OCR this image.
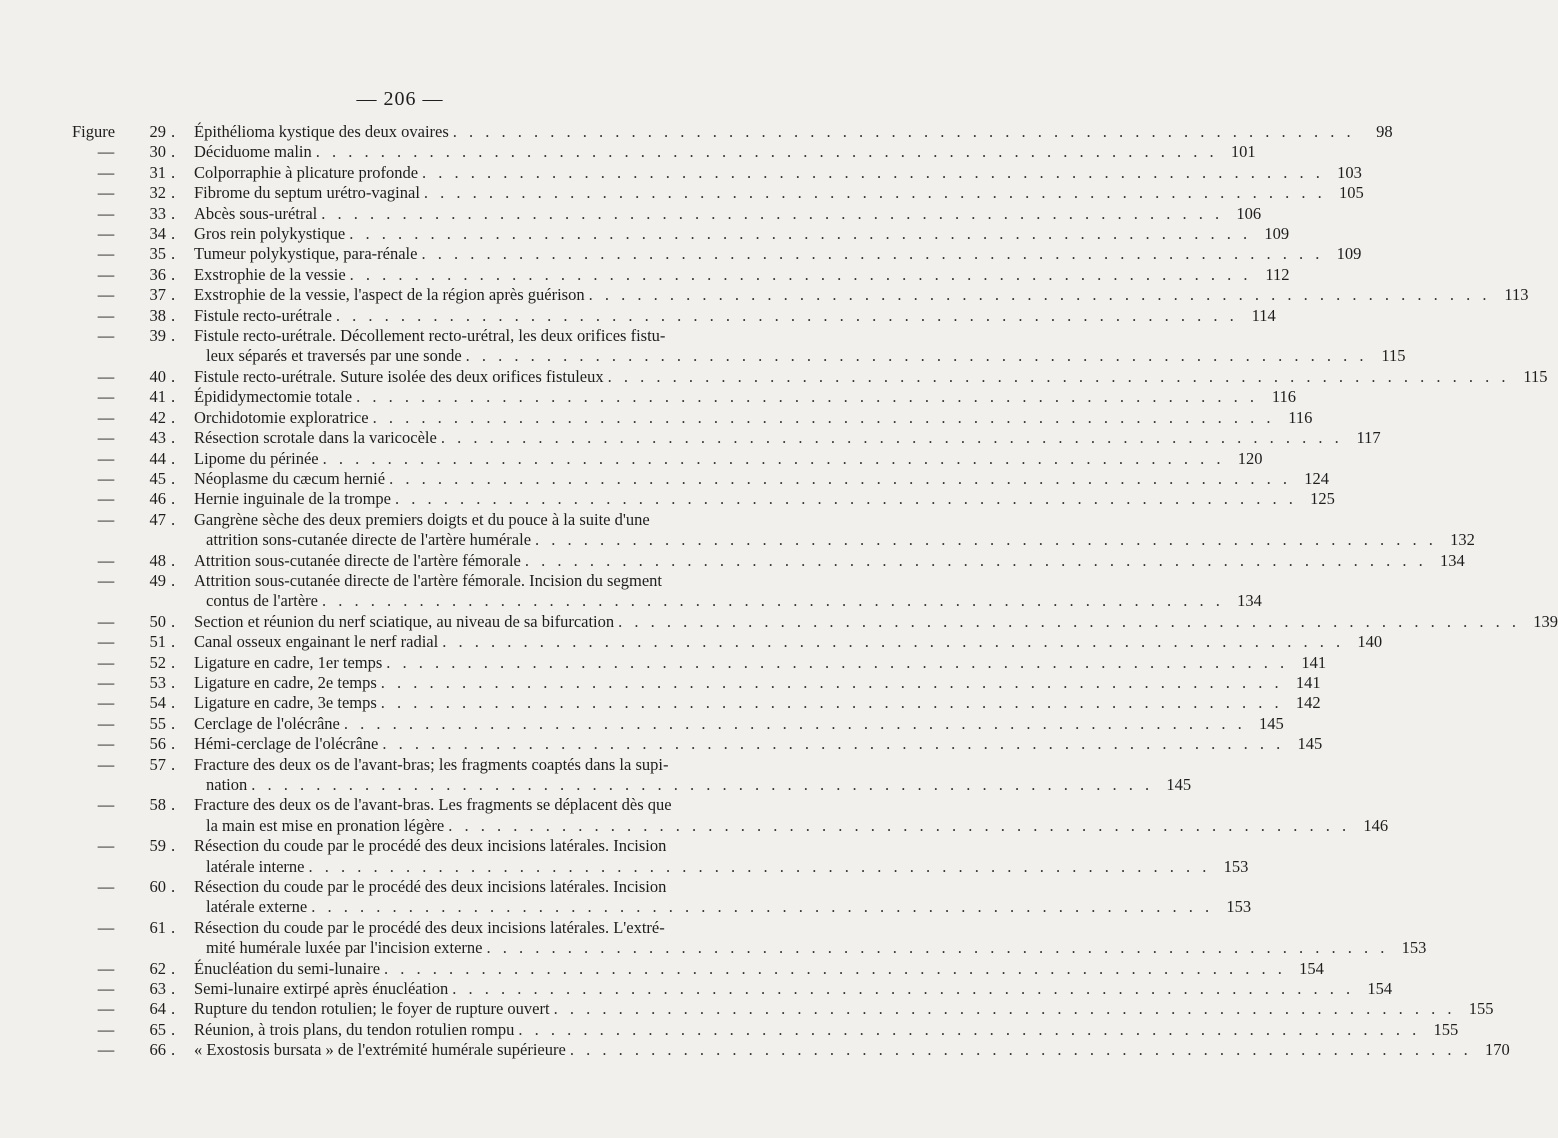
— 206 —
Figure 29 . Épithélioma kystique des deux ovaires . . . . . . . . . . . . . . . . . . . . . . . . . . . . . . . . . . . . . . . . . . . . . . . . . . . . . . . .	98
— 30 . Déciduome malin . . . . . . . . . . . . . . . . . . . . . . . . . . . . . . . . . . . . . . . . . . . . . . . . . . . . . . . . 101
— 31 . Colporraphie à plicature profonde . . . . . . . . . . . . . . . . . . . . . . . . . . . . . . . . . . . . . . . . . . . . . . . . . . . . . . . . 103
— 32 . Fibrome du septum urétro-vaginal . . . . . . . . . . . . . . . . . . . . . . . . . . . . . . . . . . . . . . . . . . . . . . . . . . . . . . . . 105
— 33 . Abcès sous-urétral . . . . . . . . . . . . . . . . . . . . . . . . . . . . . . . . . . . . . . . . . . . . . . . . . . . . . . . . 106
— 34 . Gros rein polykystique . . . . . . . . . . . . . . . . . . . . . . . . . . . . . . . . . . . . . . . . . . . . . . . . . . . . . . . . 109
— 35 . Tumeur polykystique, para-rénale . . . . . . . . . . . . . . . . . . . . . . . . . . . . . . . . . . . . . . . . . . . . . . . . . . . . . . . . 109
— 36 . Exstrophie de la vessie . . . . . . . . . . . . . . . . . . . . . . . . . . . . . . . . . . . . . . . . . . . . . . . . . . . . . . . . 112
— 37 . Exstrophie de la vessie, l'aspect de la région après guérison . . . . . . . . . . . . . . . . . . . . . . . . . . . . . . . . . . . . . . . . . . . . . . . . . . . . . . . . 113
— 38 . Fistule recto-urétrale . . . . . . . . . . . . . . . . . . . . . . . . . . . . . . . . . . . . . . . . . . . . . . . . . . . . . . . . 114
— 39 . Fistule recto-urétrale. Décollement recto-urétral, les deux orifices fistu-
leux séparés et traversés par une sonde . . . . . . . . . . . . . . . . . . . . . . . . . . . . . . . . . . . . . . . . . . . . . . . . . . . . . . . . 115
— 40 . Fistule recto-urétrale. Suture isolée des deux orifices fistuleux . . . . . . . . . . . . . . . . . . . . . . . . . . . . . . . . . . . . . . . . . . . . . . . . . . . . . . . . 115
— 41 . Épididymectomie totale . . . . . . . . . . . . . . . . . . . . . . . . . . . . . . . . . . . . . . . . . . . . . . . . . . . . . . . . 116
— 42 . Orchidotomie exploratrice . . . . . . . . . . . . . . . . . . . . . . . . . . . . . . . . . . . . . . . . . . . . . . . . . . . . . . . . 116
— 43 . Résection scrotale dans la varicocèle . . . . . . . . . . . . . . . . . . . . . . . . . . . . . . . . . . . . . . . . . . . . . . . . . . . . . . . . 117
— 44 . Lipome du périnée . . . . . . . . . . . . . . . . . . . . . . . . . . . . . . . . . . . . . . . . . . . . . . . . . . . . . . . . 120
— 45 . Néoplasme du cæcum hernié . . . . . . . . . . . . . . . . . . . . . . . . . . . . . . . . . . . . . . . . . . . . . . . . . . . . . . . . 124
— 46 . Hernie inguinale de la trompe . . . . . . . . . . . . . . . . . . . . . . . . . . . . . . . . . . . . . . . . . . . . . . . . . . . . . . . . 125
— 47 . Gangrène sèche des deux premiers doigts et du pouce à la suite d'une
attrition sons-cutanée directe de l'artère humérale . . . . . . . . . . . . . . . . . . . . . . . . . . . . . . . . . . . . . . . . . . . . . . . . . . . . . . . . 132
— 48 . Attrition sous-cutanée directe de l'artère fémorale . . . . . . . . . . . . . . . . . . . . . . . . . . . . . . . . . . . . . . . . . . . . . . . . . . . . . . . . 134
— 49 . Attrition sous-cutanée directe de l'artère fémorale. Incision du segment
contus de l'artère . . . . . . . . . . . . . . . . . . . . . . . . . . . . . . . . . . . . . . . . . . . . . . . . . . . . . . . . 134
— 50 . Section et réunion du nerf sciatique, au niveau de sa bifurcation . . . . . . . . . . . . . . . . . . . . . . . . . . . . . . . . . . . . . . . . . . . . . . . . . . . . . . . . 139
— 51 . Canal osseux engainant le nerf radial . . . . . . . . . . . . . . . . . . . . . . . . . . . . . . . . . . . . . . . . . . . . . . . . . . . . . . . . 140
— 52 . Ligature en cadre, 1er temps . . . . . . . . . . . . . . . . . . . . . . . . . . . . . . . . . . . . . . . . . . . . . . . . . . . . . . . . 141
— 53 . Ligature en cadre, 2e temps . . . . . . . . . . . . . . . . . . . . . . . . . . . . . . . . . . . . . . . . . . . . . . . . . . . . . . . . 141
— 54 . Ligature en cadre, 3e temps . . . . . . . . . . . . . . . . . . . . . . . . . . . . . . . . . . . . . . . . . . . . . . . . . . . . . . . . 142
— 55 . Cerclage de l'olécrâne . . . . . . . . . . . . . . . . . . . . . . . . . . . . . . . . . . . . . . . . . . . . . . . . . . . . . . . . 145
— 56 . Hémi-cerclage de l'olécrâne . . . . . . . . . . . . . . . . . . . . . . . . . . . . . . . . . . . . . . . . . . . . . . . . . . . . . . . . 145
— 57 . Fracture des deux os de l'avant-bras; les fragments coaptés dans la supi-
nation . . . . . . . . . . . . . . . . . . . . . . . . . . . . . . . . . . . . . . . . . . . . . . . . . . . . . . . . 145
— 58 . Fracture des deux os de l'avant-bras. Les fragments se déplacent dès que
la main est mise en pronation légère . . . . . . . . . . . . . . . . . . . . . . . . . . . . . . . . . . . . . . . . . . . . . . . . . . . . . . . . 146
— 59 . Résection du coude par le procédé des deux incisions latérales. Incision
latérale interne . . . . . . . . . . . . . . . . . . . . . . . . . . . . . . . . . . . . . . . . . . . . . . . . . . . . . . . . 153
— 60 . Résection du coude par le procédé des deux incisions latérales. Incision
latérale externe . . . . . . . . . . . . . . . . . . . . . . . . . . . . . . . . . . . . . . . . . . . . . . . . . . . . . . . . 153
— 61 . Résection du coude par le procédé des deux incisions latérales. L'extré-
mité humérale luxée par l'incision externe . . . . . . . . . . . . . . . . . . . . . . . . . . . . . . . . . . . . . . . . . . . . . . . . . . . . . . . . 153
— 62 . Énucléation du semi-lunaire . . . . . . . . . . . . . . . . . . . . . . . . . . . . . . . . . . . . . . . . . . . . . . . . . . . . . . . . 154
— 63 . Semi-lunaire extirpé après énucléation . . . . . . . . . . . . . . . . . . . . . . . . . . . . . . . . . . . . . . . . . . . . . . . . . . . . . . . . 154
— 64 . Rupture du tendon rotulien; le foyer de rupture ouvert . . . . . . . . . . . . . . . . . . . . . . . . . . . . . . . . . . . . . . . . . . . . . . . . . . . . . . . . 155
— 65 . Réunion, à trois plans, du tendon rotulien rompu . . . . . . . . . . . . . . . . . . . . . . . . . . . . . . . . . . . . . . . . . . . . . . . . . . . . . . . . 155
— 66 . « Exostosis bursata » de l'extrémité humérale supérieure . . . . . . . . . . . . . . . . . . . . . . . . . . . . . . . . . . . . . . . . . . . . . . . . . . . . . . . . 170
